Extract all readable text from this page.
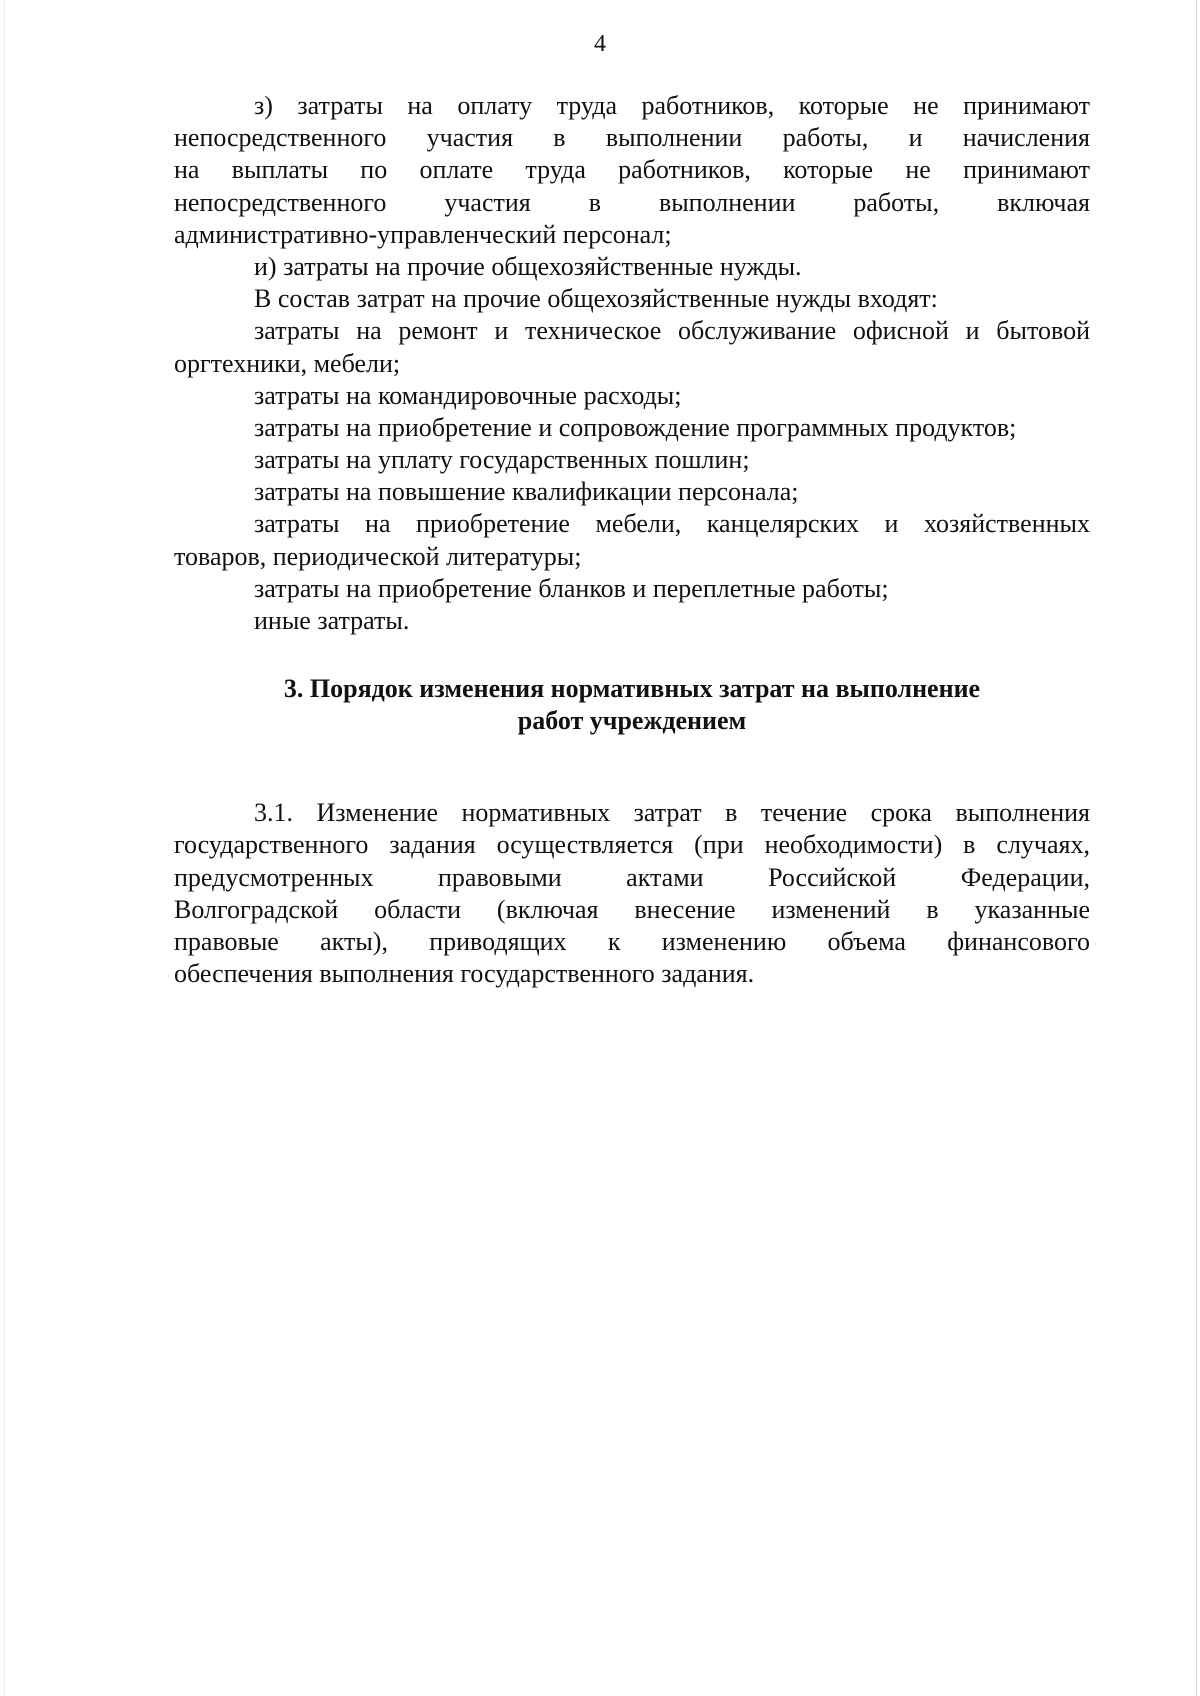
4
з) затраты на оплату труда работников, которые не принимают
непосредственного участия в выполнении работы, и начисления
на выплаты по оплате труда работников, которые не принимают
непосредственного участия в выполнении работы, включая
административно-управленческий персонал;
и) затраты на прочие общехозяйственные нужды.
В состав затрат на прочие общехозяйственные нужды входят:
затраты на ремонт и техническое обслуживание офисной и бытовой
оргтехники, мебели;
затраты на командировочные расходы;
затраты на приобретение и сопровождение программных продуктов;
затраты на уплату государственных пошлин;
затраты на повышение квалификации персонала;
затраты на приобретение мебели, канцелярских и хозяйственных
товаров, периодической литературы;
затраты на приобретение бланков и переплетные работы;
иные затраты.
3. Порядок изменения нормативных затрат на выполнение
работ учреждением
3.1. Изменение нормативных затрат в течение срока выполнения
государственного задания осуществляется (при необходимости) в случаях,
предусмотренных правовыми актами Российской Федерации,
Волгоградской области (включая внесение изменений в указанные
правовые акты), приводящих к изменению объема финансового
обеспечения выполнения государственного задания.
